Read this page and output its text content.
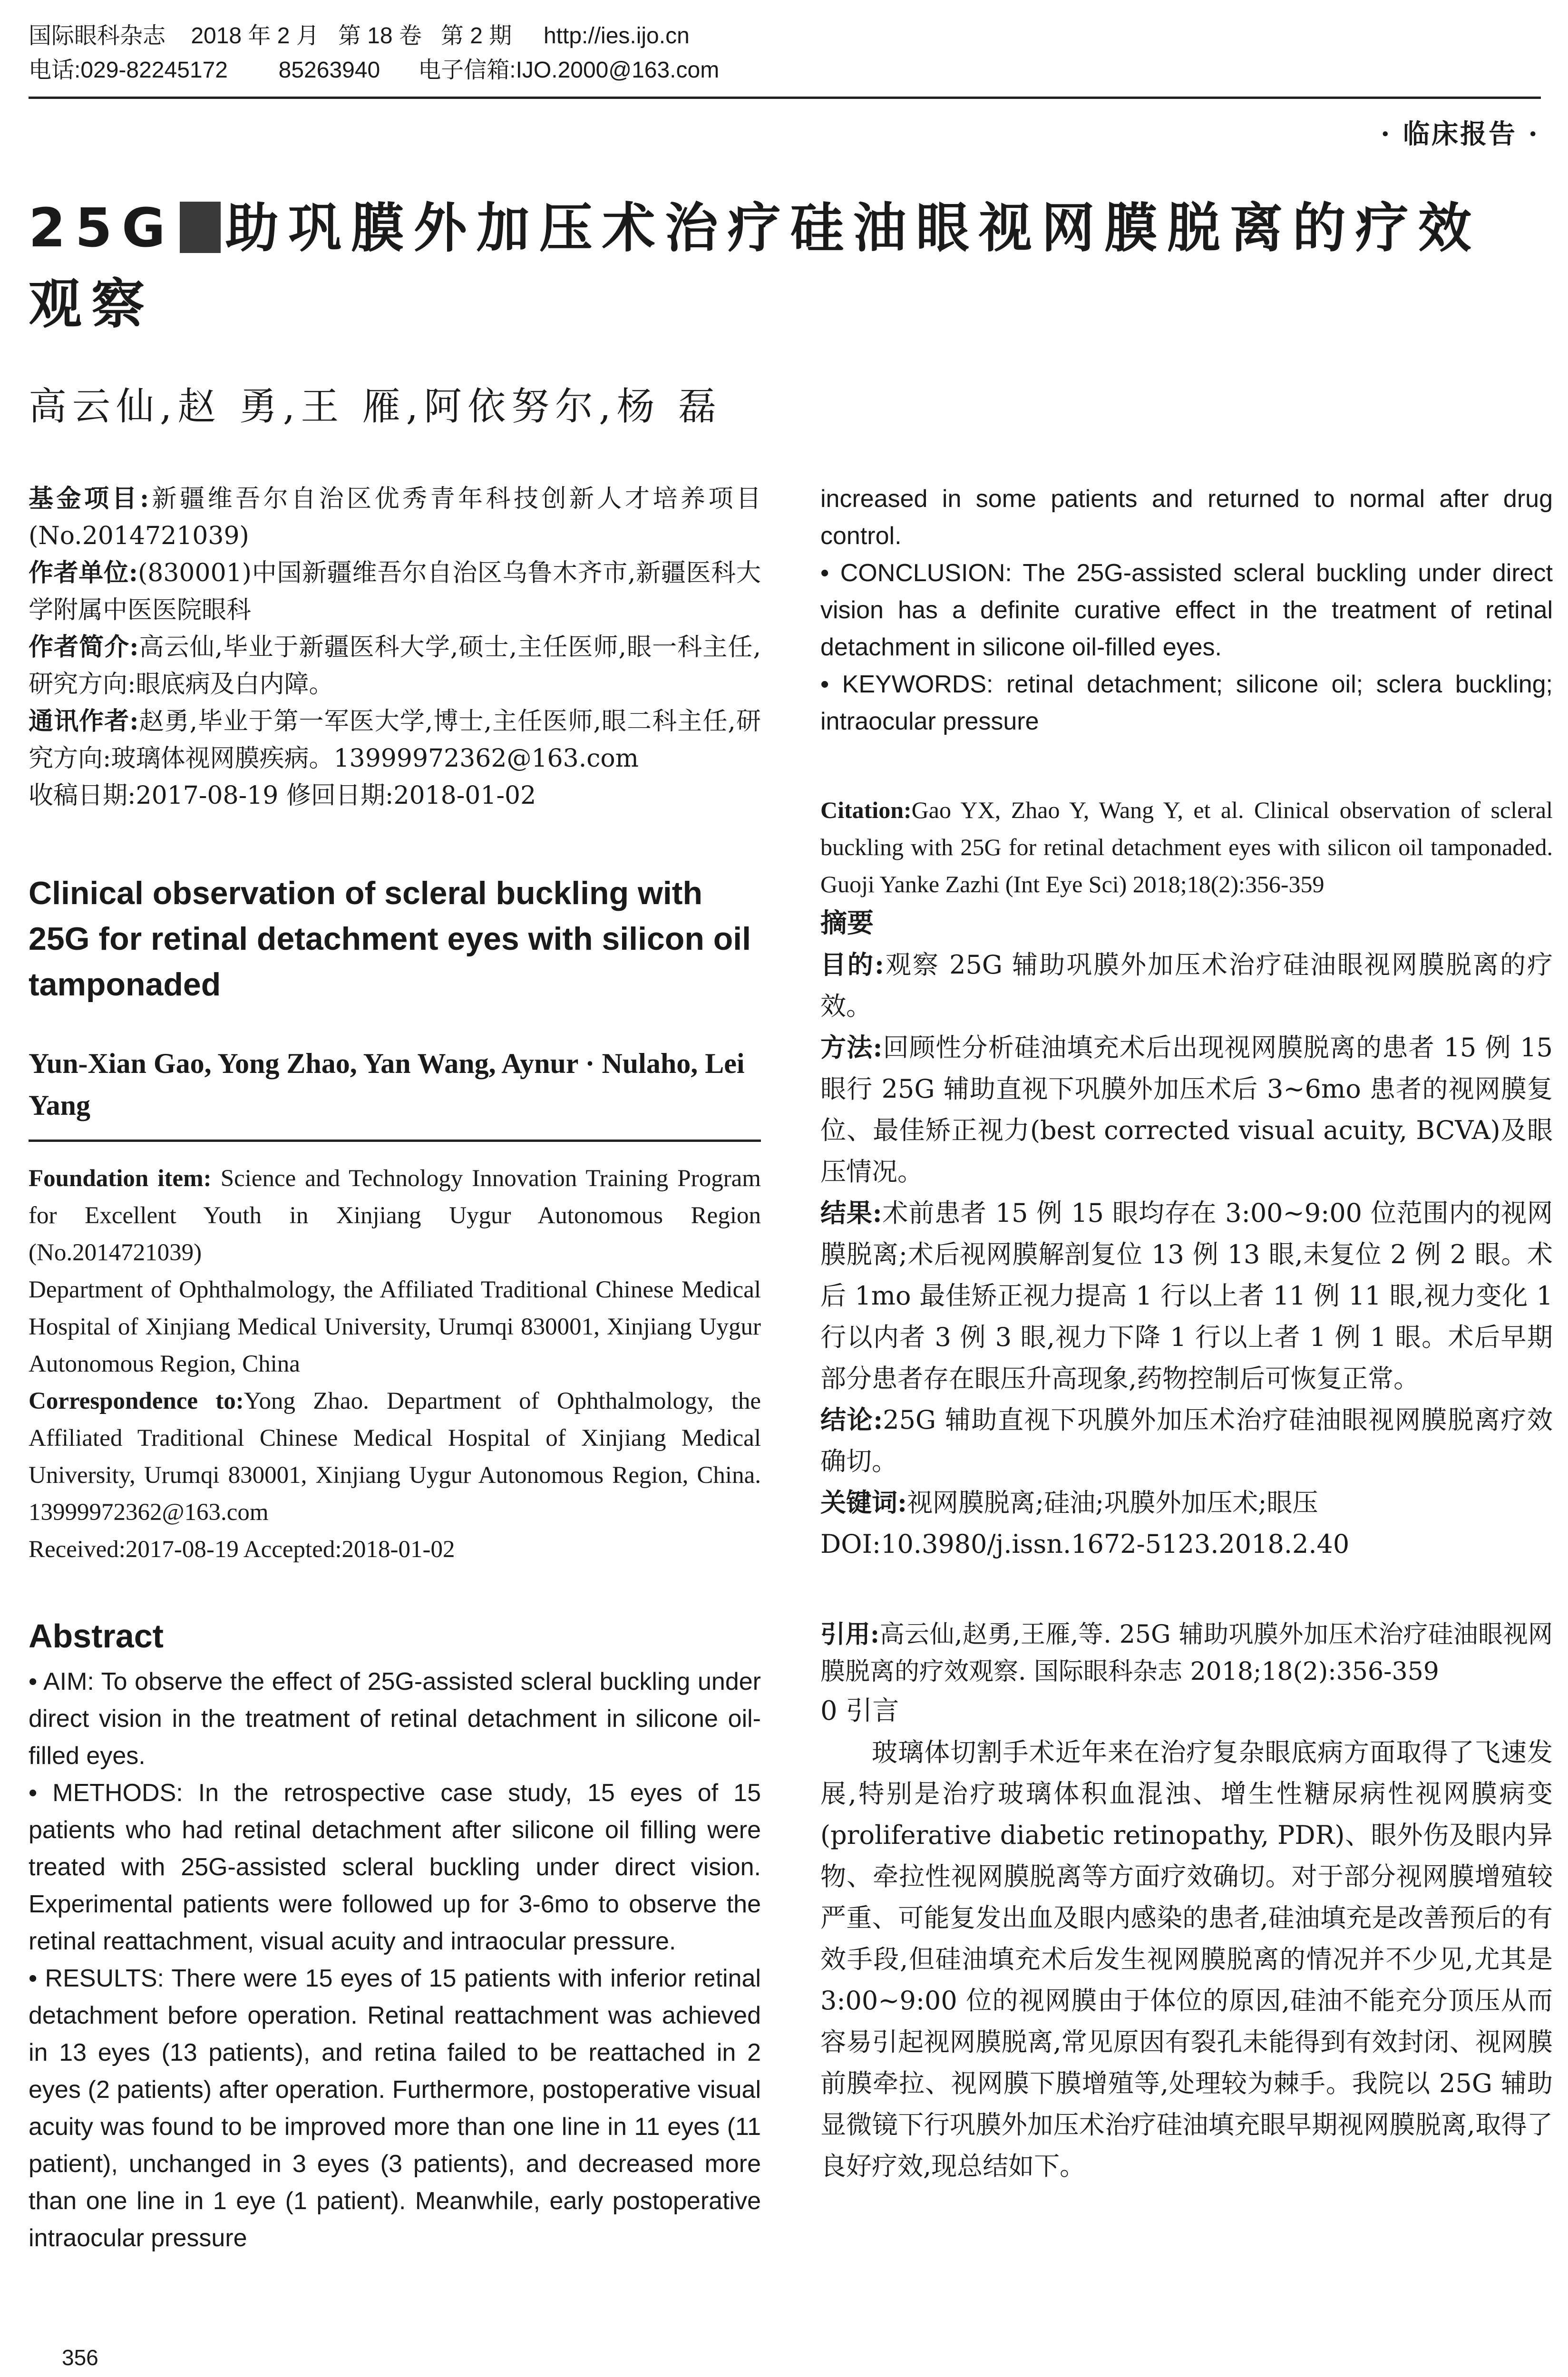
国际眼科杂志    2018 年 2 月   第 18 卷   第 2 期     http://ies.ijo.cn
电话:029-82245172        85263940      电子信箱:IJO.2000@163.com
· 临床报告 ·
25G 助巩膜外加压术治疗硅油眼视网膜脱离的疗效观察
高云仙,赵 勇,王 雁,阿依努尔,杨 磊

基金项目:新疆维吾尔自治区优秀青年科技创新人才培养项目(No.2014721039)

作者单位:(830001)中国新疆维吾尔自治区乌鲁木齐市,新疆医科大学附属中医医院眼科

作者简介:高云仙,毕业于新疆医科大学,硕士,主任医师,眼一科主任,研究方向:眼底病及白内障。

通讯作者:赵勇,毕业于第一军医大学,博士,主任医师,眼二科主任,研究方向:玻璃体视网膜疾病。13999972362@163.com

收稿日期:2017-08-19 修回日期:2018-01-02

Clinical observation of scleral buckling with 25G for retinal detachment eyes with silicon oil tamponaded
Yun-Xian Gao, Yong Zhao, Yan Wang, Aynur · Nulaho, Lei Yang

Foundation item: Science and Technology Innovation Training Program for Excellent Youth in Xinjiang Uygur Autonomous Region (No.2014721039)

Department of Ophthalmology, the Affiliated Traditional Chinese Medical Hospital of Xinjiang Medical University, Urumqi 830001, Xinjiang Uygur Autonomous Region, China

Correspondence to:Yong Zhao. Department of Ophthalmology, the Affiliated Traditional Chinese Medical Hospital of Xinjiang Medical University, Urumqi 830001, Xinjiang Uygur Autonomous Region, China. 13999972362@163.com

Received:2017-08-19 Accepted:2018-01-02

Abstract

• AIM: To observe the effect of 25G-assisted scleral buckling under direct vision in the treatment of retinal detachment in silicone oil-filled eyes.

• METHODS: In the retrospective case study, 15 eyes of 15 patients who had retinal detachment after silicone oil filling were treated with 25G-assisted scleral buckling under direct vision. Experimental patients were followed up for 3-6mo to observe the retinal reattachment, visual acuity and intraocular pressure.

• RESULTS: There were 15 eyes of 15 patients with inferior retinal detachment before operation. Retinal reattachment was achieved in 13 eyes (13 patients), and retina failed to be reattached in 2 eyes (2 patients) after operation. Furthermore, postoperative visual acuity was found to be improved more than one line in 11 eyes (11 patient), unchanged in 3 eyes (3 patients), and decreased more than one line in 1 eye (1 patient). Meanwhile, early postoperative intraocular pressure

increased in some patients and returned to normal after drug control.

• CONCLUSION: The 25G-assisted scleral buckling under direct vision has a definite curative effect in the treatment of retinal detachment in silicone oil-filled eyes.

• KEYWORDS: retinal detachment; silicone oil; sclera buckling; intraocular pressure

Citation:Gao YX, Zhao Y, Wang Y, et al. Clinical observation of scleral buckling with 25G for retinal detachment eyes with silicon oil tamponaded. Guoji Yanke Zazhi (Int Eye Sci) 2018;18(2):356-359

摘要

目的:观察 25G 辅助巩膜外加压术治疗硅油眼视网膜脱离的疗效。

方法:回顾性分析硅油填充术后出现视网膜脱离的患者 15 例 15 眼行 25G 辅助直视下巩膜外加压术后 3~6mo 患者的视网膜复位、最佳矫正视力(best corrected visual acuity, BCVA)及眼压情况。

结果:术前患者 15 例 15 眼均存在 3:00~9:00 位范围内的视网膜脱离;术后视网膜解剖复位 13 例 13 眼,未复位 2 例 2 眼。术后 1mo 最佳矫正视力提高 1 行以上者 11 例 11 眼,视力变化 1 行以内者 3 例 3 眼,视力下降 1 行以上者 1 例 1 眼。术后早期部分患者存在眼压升高现象,药物控制后可恢复正常。

结论:25G 辅助直视下巩膜外加压术治疗硅油眼视网膜脱离疗效确切。

关键词:视网膜脱离;硅油;巩膜外加压术;眼压

DOI:10.3980/j.issn.1672-5123.2018.2.40

引用:高云仙,赵勇,王雁,等. 25G 辅助巩膜外加压术治疗硅油眼视网膜脱离的疗效观察. 国际眼科杂志 2018;18(2):356-359

0 引言

玻璃体切割手术近年来在治疗复杂眼底病方面取得了飞速发展,特别是治疗玻璃体积血混浊、增生性糖尿病性视网膜病变(proliferative diabetic retinopathy, PDR)、眼外伤及眼内异物、牵拉性视网膜脱离等方面疗效确切。对于部分视网膜增殖较严重、可能复发出血及眼内感染的患者,硅油填充是改善预后的有效手段,但硅油填充术后发生视网膜脱离的情况并不少见,尤其是 3:00~9:00 位的视网膜由于体位的原因,硅油不能充分顶压从而容易引起视网膜脱离,常见原因有裂孔未能得到有效封闭、视网膜前膜牵拉、视网膜下膜增殖等,处理较为棘手。我院以 25G 辅助显微镜下行巩膜外加压术治疗硅油填充眼早期视网膜脱离,取得了良好疗效,现总结如下。

356
